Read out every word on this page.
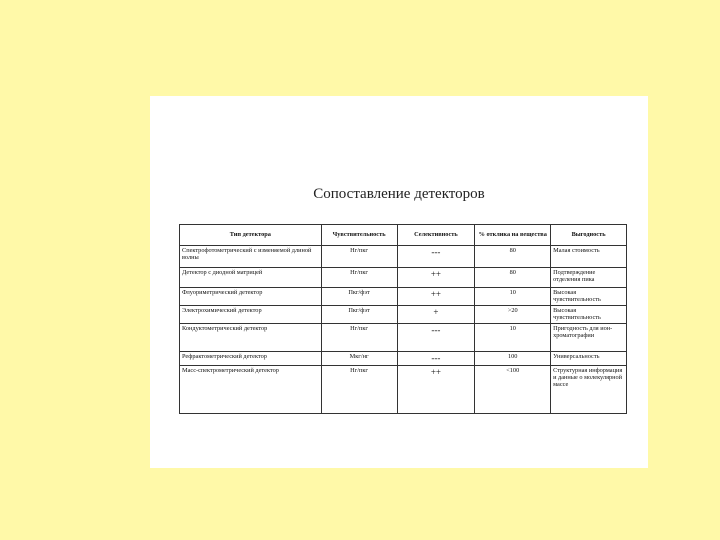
Сопоставление детекторов
Тип детектора	Чувствительность	Селективность	% отклика на вещества	Выгодность
Спектрофотометрический с изменяемой длиной волны	Нг/пкг	---	80	Малая стоимость
Детектор с диодной матрицей	Нг/пкг	++	80	Подтверждение отделения пика
Флуориметрический детектор	Пкг/фэт	++	10	Высокая чувствительность
Электрохимический детектор	Пкг/фэт	+	>20	Высокая чувствительность
Кондуктометрический детектор	Нг/пкг	---	10	Пригодность для ион-хроматографии
Рефрактометрический детектор	Мкг/нг	---	100	Универсальность
Масс-спектрометрический детектор	Нг/пкг	++	<100	Структурная информация и данные о молекулярной массе
